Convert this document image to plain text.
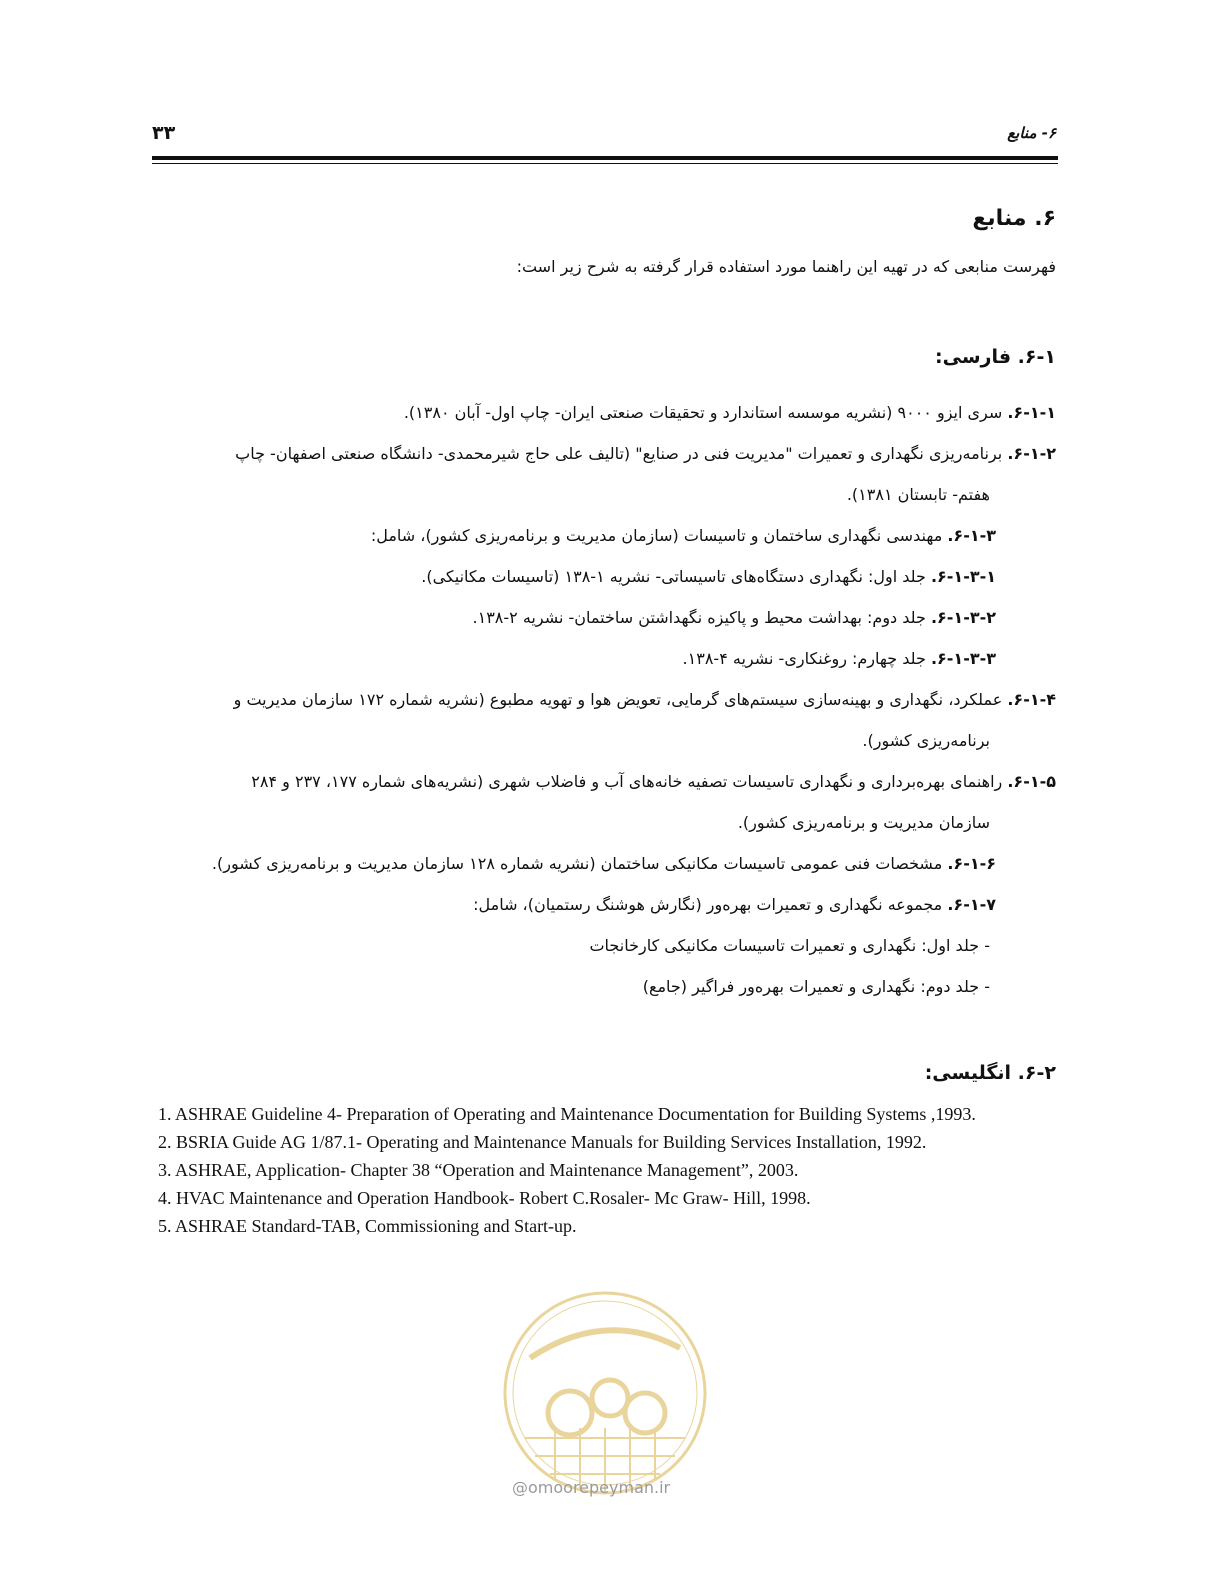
۳۳	۶- منابع
۶. منابع
فهرست منابعی که در تهیه این راهنما مورد استفاده قرار گرفته به شرح زیر است:
۶-۱. فارسی:
۶-۱-۱. سری ایزو ۹۰۰۰ (نشریه موسسه استاندارد و تحقیقات صنعتی ایران- چاپ اول- آبان ۱۳۸۰).
۶-۱-۲. برنامه‌ریزی نگهداری و تعمیرات "مدیریت فنی در صنایع" (تالیف علی حاج شیرمحمدی- دانشگاه صنعتی اصفهان- چاپ
هفتم- تابستان ۱۳۸۱).
۶-۱-۳. مهندسی نگهداری ساختمان و تاسیسات (سازمان مدیریت و برنامه‌ریزی کشور)، شامل:
۶-۱-۳-۱. جلد اول: نگهداری دستگاه‌های تاسیساتی- نشریه ۱-۱۳۸ (تاسیسات مکانیکی).
۶-۱-۳-۲. جلد دوم: بهداشت محیط و پاکیزه نگهداشتن ساختمان- نشریه ۲-۱۳۸.
۶-۱-۳-۳. جلد چهارم: روغنکاری- نشریه ۴-۱۳۸.
۶-۱-۴. عملکرد، نگهداری و بهینه‌سازی سیستم‌های گرمایی، تعویض هوا و تهویه مطبوع (نشریه شماره ۱۷۲ سازمان مدیریت و
برنامه‌ریزی کشور).
۶-۱-۵. راهنمای بهره‌برداری و نگهداری تاسیسات تصفیه خانه‌های آب و فاضلاب شهری (نشریه‌های شماره ۱۷۷، ۲۳۷ و ۲۸۴
سازمان مدیریت و برنامه‌ریزی کشور).
۶-۱-۶. مشخصات فنی عمومی تاسیسات مکانیکی ساختمان (نشریه شماره ۱۲۸ سازمان مدیریت و برنامه‌ریزی کشور).
۶-۱-۷. مجموعه نگهداری و تعمیرات بهره‌ور (نگارش هوشنگ رستمیان)، شامل:
- جلد اول: نگهداری و تعمیرات تاسیسات مکانیکی کارخانجات
- جلد دوم: نگهداری و تعمیرات بهره‌ور فراگیر (جامع)
۶-۲. انگلیسی:
1. ASHRAE Guideline 4- Preparation of Operating and Maintenance Documentation for Building Systems ,1993.
2. BSRIA Guide AG 1/87.1- Operating and Maintenance Manuals for Building Services Installation, 1992.
3. ASHRAE, Application- Chapter 38 “Operation and Maintenance Management”, 2003.
4. HVAC Maintenance and Operation Handbook- Robert C.Rosaler- Mc Graw- Hill, 1998.
5. ASHRAE Standard-TAB, Commissioning and Start-up.
@omoorepeyman.ir
